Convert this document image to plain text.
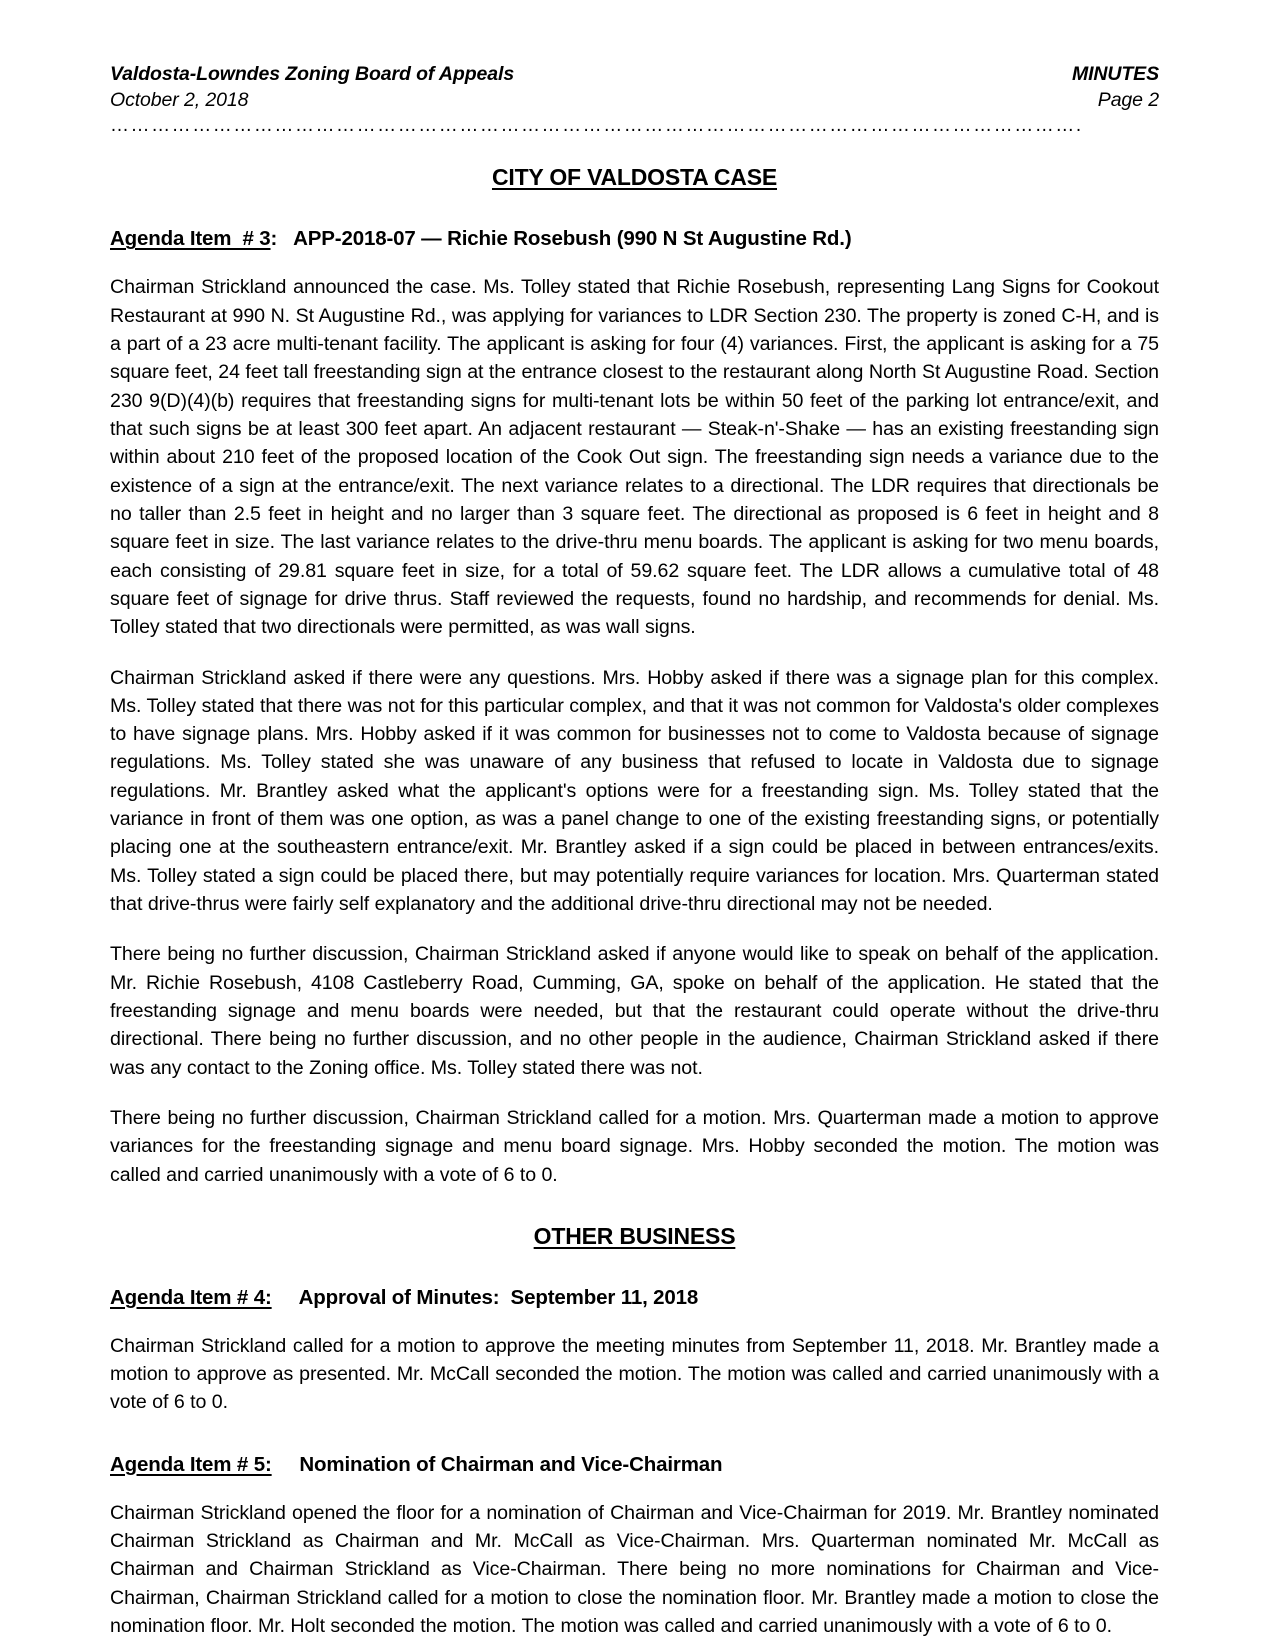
Valdosta-Lowndes Zoning Board of Appeals
October 2, 2018
MINUTES
Page 2
…………………………………………………………………………………………………………………………….
CITY OF VALDOSTA CASE
Agenda Item  # 3:   APP-2018-07 — Richie Rosebush (990 N St Augustine Rd.)

Chairman Strickland announced the case. Ms. Tolley stated that Richie Rosebush, representing Lang Signs for Cookout Restaurant at 990 N. St Augustine Rd., was applying for variances to LDR Section 230. The property is zoned C-H, and is a part of a 23 acre multi-tenant facility. The applicant is asking for four (4) variances. First, the applicant is asking for a 75 square feet, 24 feet tall freestanding sign at the entrance closest to the restaurant along North St Augustine Road. Section 230 9(D)(4)(b) requires that freestanding signs for multi-tenant lots be within 50 feet of the parking lot entrance/exit, and that such signs be at least 300 feet apart. An adjacent restaurant — Steak-n'-Shake — has an existing freestanding sign within about 210 feet of the proposed location of the Cook Out sign. The freestanding sign needs a variance due to the existence of a sign at the entrance/exit. The next variance relates to a directional. The LDR requires that directionals be no taller than 2.5 feet in height and no larger than 3 square feet. The directional as proposed is 6 feet in height and 8 square feet in size. The last variance relates to the drive-thru menu boards. The applicant is asking for two menu boards, each consisting of 29.81 square feet in size, for a total of 59.62 square feet. The LDR allows a cumulative total of 48 square feet of signage for drive thrus. Staff reviewed the requests, found no hardship, and recommends for denial. Ms. Tolley stated that two directionals were permitted, as was wall signs.

Chairman Strickland asked if there were any questions. Mrs. Hobby asked if there was a signage plan for this complex. Ms. Tolley stated that there was not for this particular complex, and that it was not common for Valdosta's older complexes to have signage plans. Mrs. Hobby asked if it was common for businesses not to come to Valdosta because of signage regulations. Ms. Tolley stated she was unaware of any business that refused to locate in Valdosta due to signage regulations. Mr. Brantley asked what the applicant's options were for a freestanding sign. Ms. Tolley stated that the variance in front of them was one option, as was a panel change to one of the existing freestanding signs, or potentially placing one at the southeastern entrance/exit. Mr. Brantley asked if a sign could be placed in between entrances/exits. Ms. Tolley stated a sign could be placed there, but may potentially require variances for location. Mrs. Quarterman stated that drive-thrus were fairly self explanatory and the additional drive-thru directional may not be needed.

There being no further discussion, Chairman Strickland asked if anyone would like to speak on behalf of the application. Mr. Richie Rosebush, 4108 Castleberry Road, Cumming, GA, spoke on behalf of the application. He stated that the freestanding signage and menu boards were needed, but that the restaurant could operate without the drive-thru directional. There being no further discussion, and no other people in the audience, Chairman Strickland asked if there was any contact to the Zoning office. Ms. Tolley stated there was not.

There being no further discussion, Chairman Strickland called for a motion. Mrs. Quarterman made a motion to approve variances for the freestanding signage and menu board signage. Mrs. Hobby seconded the motion. The motion was called and carried unanimously with a vote of 6 to 0.

OTHER BUSINESS
Agenda Item # 4:     Approval of Minutes:  September 11, 2018

Chairman Strickland called for a motion to approve the meeting minutes from September 11, 2018. Mr. Brantley made a motion to approve as presented. Mr. McCall seconded the motion. The motion was called and carried unanimously with a vote of 6 to 0.

Agenda Item # 5:     Nomination of Chairman and Vice-Chairman

Chairman Strickland opened the floor for a nomination of Chairman and Vice-Chairman for 2019. Mr. Brantley nominated Chairman Strickland as Chairman and Mr. McCall as Vice-Chairman. Mrs. Quarterman nominated Mr. McCall as Chairman and Chairman Strickland as Vice-Chairman. There being no more nominations for Chairman and Vice-Chairman, Chairman Strickland called for a motion to close the nomination floor. Mr. Brantley made a motion to close the nomination floor. Mr. Holt seconded the motion. The motion was called and carried unanimously with a vote of 6 to 0.
